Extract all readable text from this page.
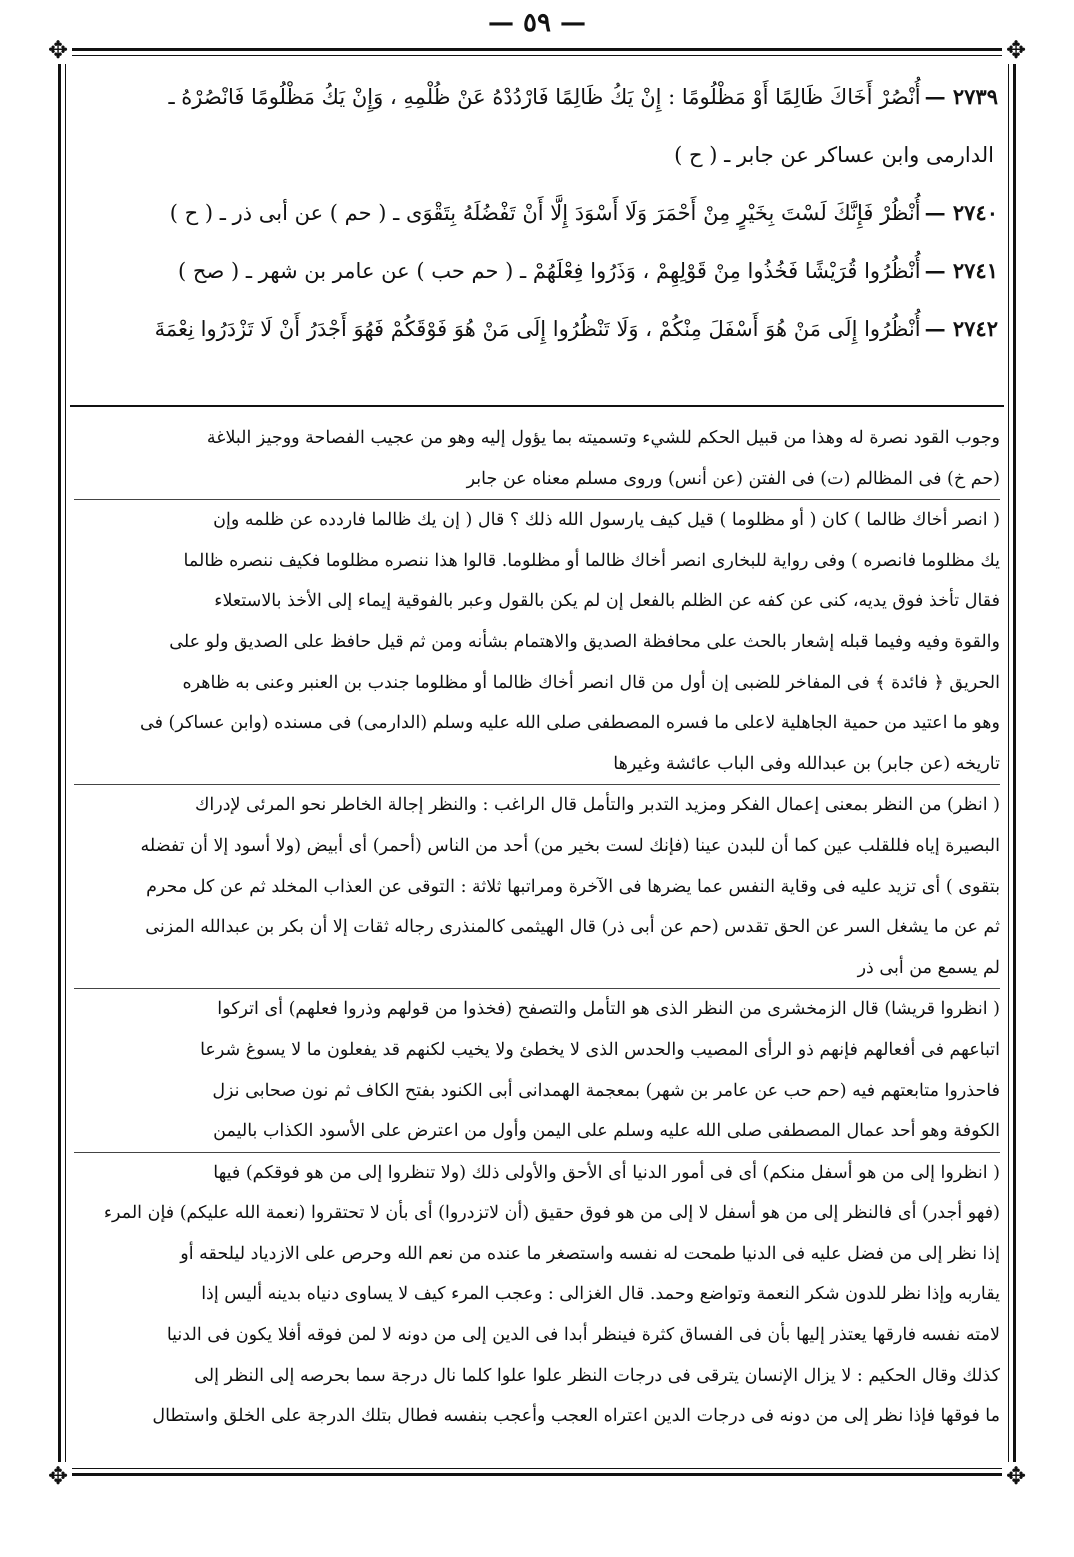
— ٥٩ —
✥	✥
✥	✥
٢٧٣٩ —أُنْصُرْ أَخَاكَ ظَالِمًا أَوْ مَظْلُومًا : إِنْ يَكُ ظَالِمًا فَارْدُدْهُ عَنْ ظُلْمِهِ ، وَإِنْ يَكُ مَظْلُومًا فَانْصُرْهُ ـ
الدارمى وابن عساكر عن جابر ـ ( ح )
٢٧٤٠ —أُنْظُرْ فَإِنَّكَ لَسْتَ بِخَيْرٍ مِنْ أَحْمَرَ وَلَا أَسْوَدَ إِلَّا أَنْ تَفْضُلَهُ بِتَقْوَى ـ ( حم ) عن أبى ذر ـ ( ح )
٢٧٤١ —أُنْظُرُوا قُرَيْشًا فَخُذُوا مِنْ قَوْلِهِمْ ، وَذَرُوا فِعْلَهُمْ ـ ( حم حب ) عن عامر بن شهر ـ ( صح )
٢٧٤٢ —أُنْظُرُوا إِلَى مَنْ هُوَ أَسْفَلَ مِنْكُمْ ، وَلَا تَنْظُرُوا إِلَى مَنْ هُوَ فَوْقَكُمْ فَهُوَ أَجْدَرُ أَنْ لَا تَزْدَرُوا نِعْمَةَ
وجوب القود نصرة له وهذا من قبيل الحكم للشيء وتسميته بما يؤول إليه وهو من عجيب الفصاحة ووجيز البلاغة
(حم خ) فى المظالم (ت) فى الفتن (عن أنس) وروى مسلم معناه عن جابر
( انصر أخاك ظالما ) كان ( أو مظلوما ) قيل كيف يارسول الله ذلك ؟ قال ( إن يك ظالما فاردده عن ظلمه وإن
يك مظلوما فانصره ) وفى رواية للبخارى انصر أخاك ظالما أو مظلوما. قالوا هذا ننصره مظلوما فكيف ننصره ظالما
فقال تأخذ فوق يديه، كنى عن كفه عن الظلم بالفعل إن لم يكن بالقول وعبر بالفوقية إيماء إلى الأخذ بالاستعلاء
والقوة وفيه وفيما قبله إشعار بالحث على محافظة الصديق والاهتمام بشأنه ومن ثم قيل حافظ على الصديق ولو على
الحريق ﴿ فائدة ﴾ فى المفاخر للضبى إن أول من قال انصر أخاك ظالما أو مظلوما جندب بن العنبر وعنى به ظاهره
وهو ما اعتيد من حمية الجاهلية لاعلى ما فسره المصطفى صلى الله عليه وسلم (الدارمى) فى مسنده (وابن عساكر) فى
تاريخه (عن جابر) بن عبدالله وفى الباب عائشة وغيرها
( انظر) من النظر بمعنى إعمال الفكر ومزيد التدبر والتأمل قال الراغب : والنظر إجالة الخاطر نحو المرئى لإدراك
البصيرة إياه فللقلب عين كما أن للبدن عينا (فإنك لست بخير من) أحد من الناس (أحمر) أى أبيض (ولا أسود إلا أن تفضله
بتقوى ) أى تزيد عليه فى وقاية النفس عما يضرها فى الآخرة ومراتبها ثلاثة : التوقى عن العذاب المخلد ثم عن كل محرم
ثم عن ما يشغل السر عن الحق تقدس (حم عن أبى ذر) قال الهيثمى كالمنذرى رجاله ثقات إلا أن بكر بن عبدالله المزنى
لم يسمع من أبى ذر
( انظروا قريشا) قال الزمخشرى من النظر الذى هو التأمل والتصفح (فخذوا من قولهم وذروا فعلهم) أى اتركوا
اتباعهم فى أفعالهم فإنهم ذو الرأى المصيب والحدس الذى لا يخطئ ولا يخيب لكنهم قد يفعلون ما لا يسوغ شرعا
فاحذروا متابعتهم فيه (حم حب عن عامر بن شهر) بمعجمة الهمدانى أبى الكنود بفتح الكاف ثم نون صحابى نزل
الكوفة وهو أحد عمال المصطفى صلى الله عليه وسلم على اليمن وأول من اعترض على الأسود الكذاب باليمن
( انظروا إلى من هو أسفل منكم) أى فى أمور الدنيا أى الأحق والأولى ذلك (ولا تنظروا إلى من هو فوقكم) فيها
(فهو أجدر) أى فالنظر إلى من هو أسفل لا إلى من هو فوق حقيق (أن لاتزدروا) أى بأن لا تحتقروا (نعمة الله عليكم) فإن المرء
إذا نظر إلى من فضل عليه فى الدنيا طمحت له نفسه واستصغر ما عنده من نعم الله وحرص على الازدياد ليلحقه أو
يقاربه وإذا نظر للدون شكر النعمة وتواضع وحمد. قال الغزالى : وعجب المرء كيف لا يساوى دنياه بدينه أليس إذا
لامته نفسه فارقها يعتذر إليها بأن فى الفساق كثرة فينظر أبدا فى الدين إلى من دونه لا لمن فوقه أفلا يكون فى الدنيا
كذلك وقال الحكيم : لا يزال الإنسان يترقى فى درجات النظر علوا علوا كلما نال درجة سما بحرصه إلى النظر إلى
ما فوقها فإذا نظر إلى من دونه فى درجات الدين اعتراه العجب وأعجب بنفسه فطال بتلك الدرجة على الخلق واستطال
